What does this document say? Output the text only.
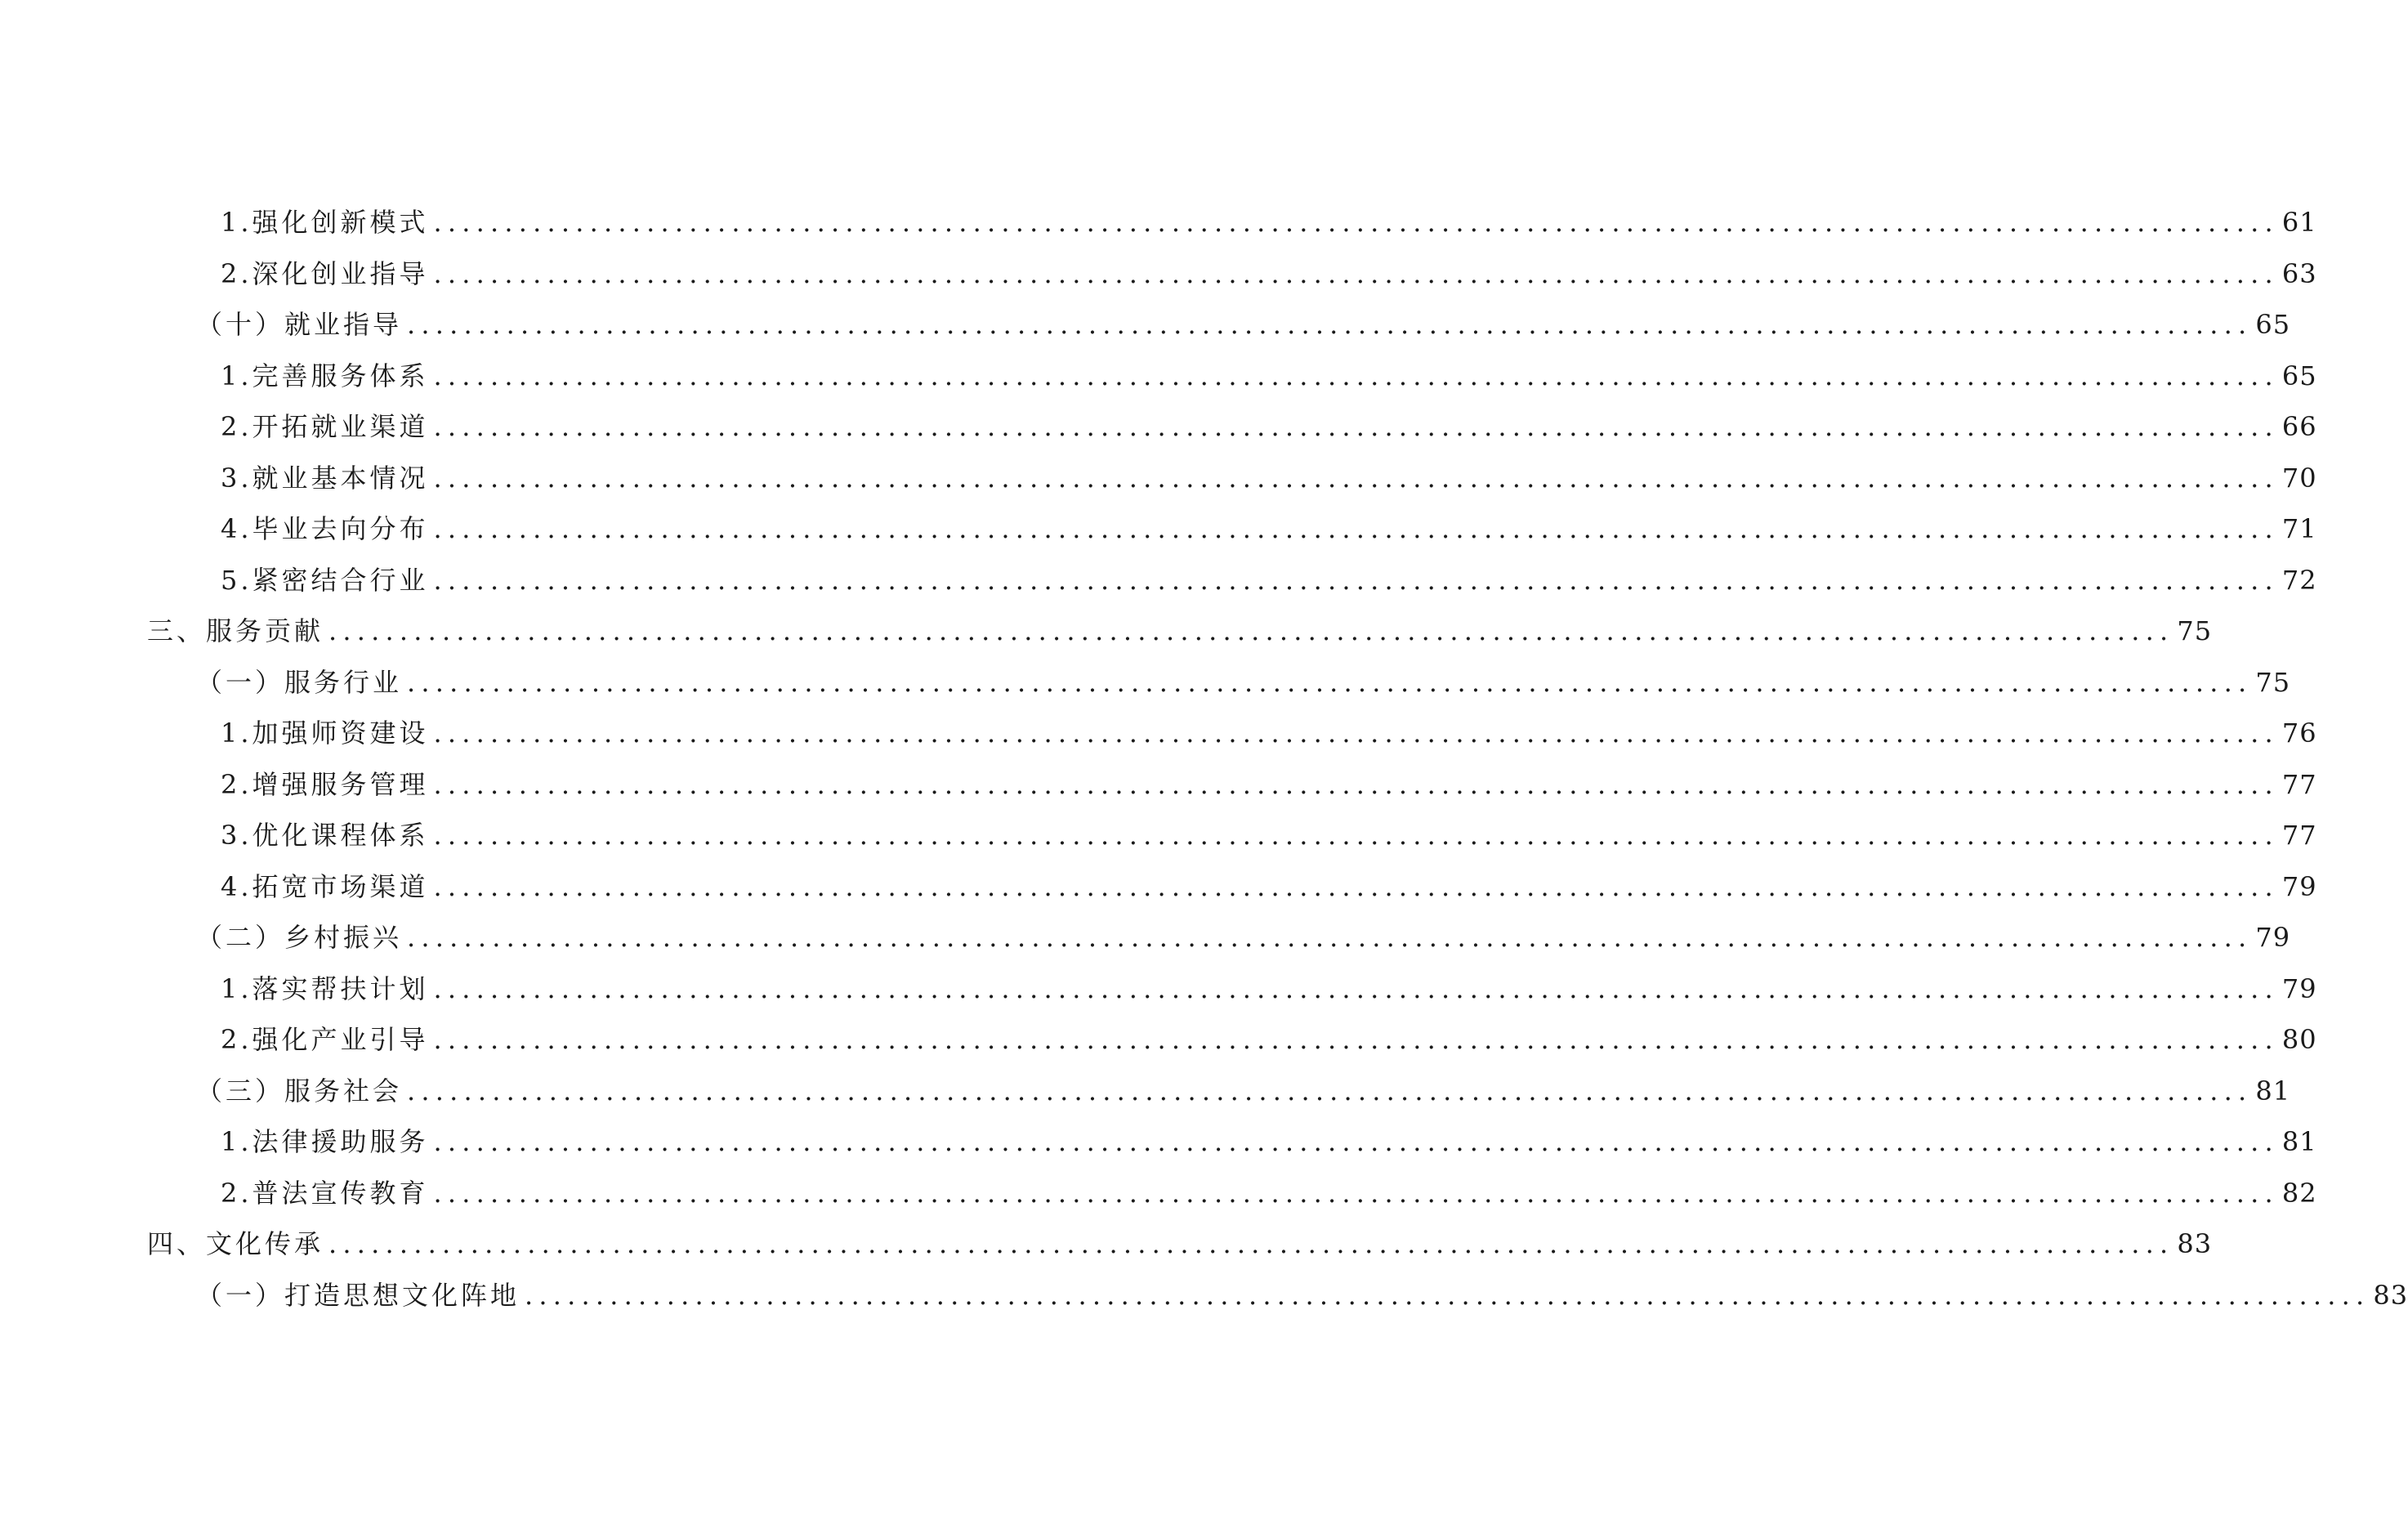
1.强化创新模式 .................................................................................................................................. 61
2.深化创业指导 .................................................................................................................................. 63
（十）就业指导 .................................................................................................................................. 65
1.完善服务体系 .................................................................................................................................. 65
2.开拓就业渠道 .................................................................................................................................. 66
3.就业基本情况 .................................................................................................................................. 70
4.毕业去向分布 .................................................................................................................................. 71
5.紧密结合行业 .................................................................................................................................. 72
三、服务贡献 .................................................................................................................................. 75
（一）服务行业 .................................................................................................................................. 75
1.加强师资建设 .................................................................................................................................. 76
2.增强服务管理 .................................................................................................................................. 77
3.优化课程体系 .................................................................................................................................. 77
4.拓宽市场渠道 .................................................................................................................................. 79
（二）乡村振兴 .................................................................................................................................. 79
1.落实帮扶计划 .................................................................................................................................. 79
2.强化产业引导 .................................................................................................................................. 80
（三）服务社会 .................................................................................................................................. 81
1.法律援助服务 .................................................................................................................................. 81
2.普法宣传教育 .................................................................................................................................. 82
四、文化传承 .................................................................................................................................. 83
（一）打造思想文化阵地 .................................................................................................................................. 83
